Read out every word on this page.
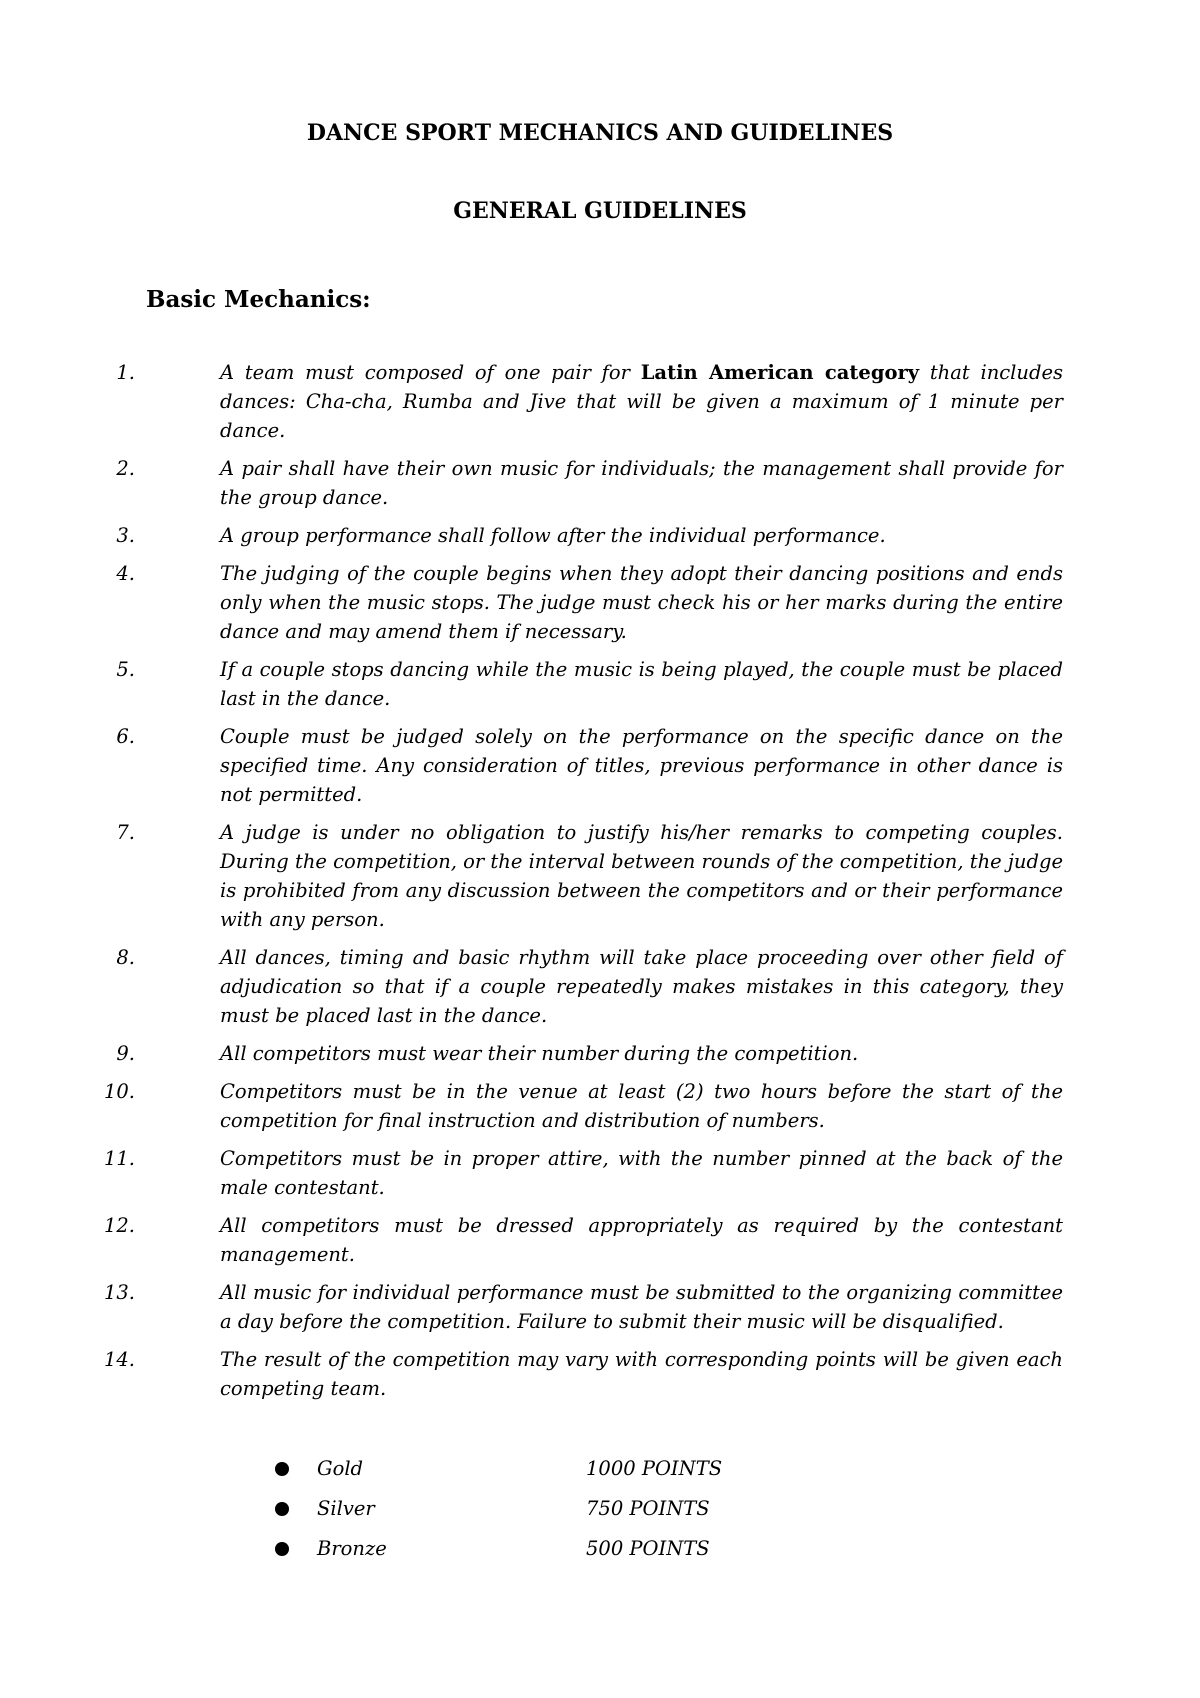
DANCE SPORT MECHANICS AND GUIDELINES
GENERAL GUIDELINES
Basic Mechanics:
1.	A team must composed of one pair for Latin American category that includes dances: Cha-cha, Rumba and Jive that will be given a maximum of 1 minute per dance.
2.	A pair shall have their own music for individuals; the management shall provide for the group dance.
3.	A group performance shall follow after the individual performance.
4.	The judging of the couple begins when they adopt their dancing positions and ends only when the music stops. The judge must check his or her marks during the entire dance and may amend them if necessary.
5.	If a couple stops dancing while the music is being played, the couple must be placed last in the dance.
6.	Couple must be judged solely on the performance on the specific dance on the specified time. Any consideration of titles, previous performance in other dance is not permitted.
7.	A judge is under no obligation to justify his/her remarks to competing couples. During the competition, or the interval between rounds of the competition, the judge is prohibited from any discussion between the competitors and or their performance with any person.
8.	All dances, timing and basic rhythm will take place proceeding over other field of adjudication so that if a couple repeatedly makes mistakes in this category, they must be placed last in the dance.
9.	All competitors must wear their number during the competition.
10.	Competitors must be in the venue at least (2) two hours before the start of the competition for final instruction and distribution of numbers.
11.	Competitors must be in proper attire, with the number pinned at the back of the male contestant.
12.	All competitors must be dressed appropriately as required by the contestant management.
13.	All music for individual performance must be submitted to the organizing committee a day before the competition. Failure to submit their music will be disqualified.
14.	The result of the competition may vary with corresponding points will be given each competing team.
Gold	1000 POINTS
Silver	750 POINTS
Bronze	500 POINTS
